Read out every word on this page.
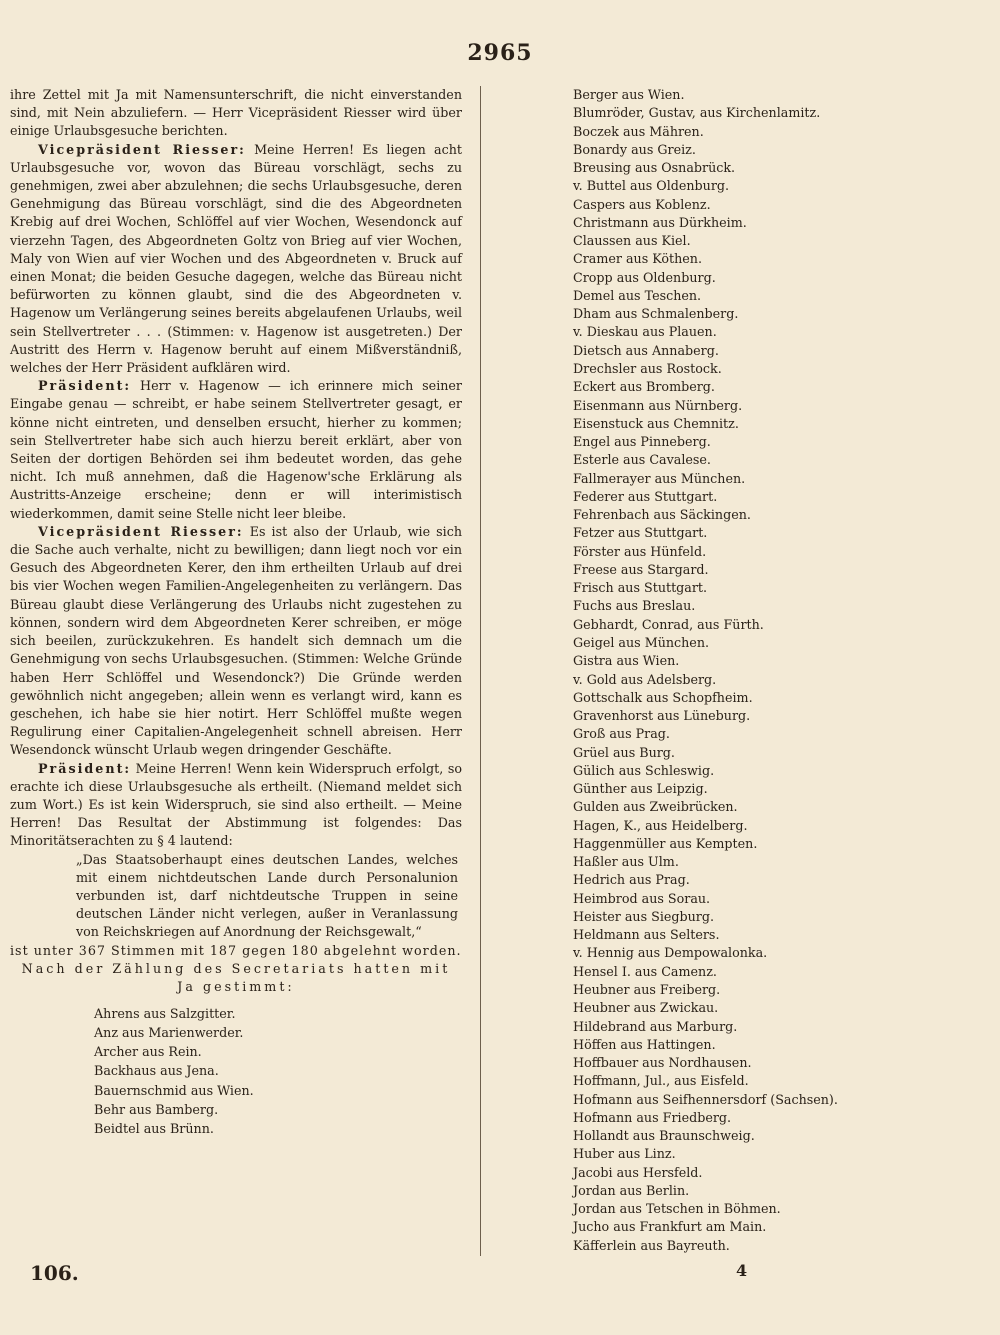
2965

ihre Zettel mit Ja mit Namensunterschrift, die nicht einverstanden sind, mit Nein abzuliefern. — Herr Vicepräsident Riesser wird über einige Urlaubsgesuche berichten.

Vicepräsident Riesser: Meine Herren! Es liegen acht Urlaubsgesuche vor, wovon das Büreau vorschlägt, sechs zu genehmigen, zwei aber abzulehnen; die sechs Urlaubsgesuche, deren Genehmigung das Büreau vorschlägt, sind die des Abgeordneten Krebig auf drei Wochen, Schlöffel auf vier Wochen, Wesendonck auf vierzehn Tagen, des Abgeordneten Goltz von Brieg auf vier Wochen, Maly von Wien auf vier Wochen und des Abgeordneten v. Bruck auf einen Monat; die beiden Gesuche dagegen, welche das Büreau nicht befürworten zu können glaubt, sind die des Abgeordneten v. Hagenow um Verlängerung seines bereits abgelaufenen Urlaubs, weil sein Stellvertreter . . . (Stimmen: v. Hagenow ist ausgetreten.) Der Austritt des Herrn v. Hagenow beruht auf einem Mißverständniß, welches der Herr Präsident aufklären wird.

Präsident: Herr v. Hagenow — ich erinnere mich seiner Eingabe genau — schreibt, er habe seinem Stellvertreter gesagt, er könne nicht eintreten, und denselben ersucht, hierher zu kommen; sein Stellvertreter habe sich auch hierzu bereit erklärt, aber von Seiten der dortigen Behörden sei ihm bedeutet worden, das gehe nicht. Ich muß annehmen, daß die Hagenow'sche Erklärung als Austritts-Anzeige erscheine; denn er will interimistisch wiederkommen, damit seine Stelle nicht leer bleibe.

Vicepräsident Riesser: Es ist also der Urlaub, wie sich die Sache auch verhalte, nicht zu bewilligen; dann liegt noch vor ein Gesuch des Abgeordneten Kerer, den ihm ertheilten Urlaub auf drei bis vier Wochen wegen Familien-Angelegenheiten zu verlängern. Das Büreau glaubt diese Verlängerung des Urlaubs nicht zugestehen zu können, sondern wird dem Abgeordneten Kerer schreiben, er möge sich beeilen, zurückzukehren. Es handelt sich demnach um die Genehmigung von sechs Urlaubsgesuchen. (Stimmen: Welche Gründe haben Herr Schlöffel und Wesendonck?) Die Gründe werden gewöhnlich nicht angegeben; allein wenn es verlangt wird, kann es geschehen, ich habe sie hier notirt. Herr Schlöffel mußte wegen Regulirung einer Capitalien-Angelegenheit schnell abreisen. Herr Wesendonck wünscht Urlaub wegen dringender Geschäfte.

Präsident: Meine Herren! Wenn kein Widerspruch erfolgt, so erachte ich diese Urlaubsgesuche als ertheilt. (Niemand meldet sich zum Wort.) Es ist kein Widerspruch, sie sind also ertheilt. — Meine Herren! Das Resultat der Abstimmung ist folgendes: Das Minoritätserachten zu § 4 lautend:

„Das Staatsoberhaupt eines deutschen Landes, welches mit einem nichtdeutschen Lande durch Personalunion verbunden ist, darf nichtdeutsche Truppen in seine deutschen Länder nicht verlegen, außer in Veranlassung von Reichskriegen auf Anordnung der Reichsgewalt,“

ist unter 367 Stimmen mit 187 gegen 180 abgelehnt worden.

Nach der Zählung des Secretariats hatten mit Ja gestimmt:

Ahrens aus Salzgitter.
Anz aus Marienwerder.
Archer aus Rein.
Backhaus aus Jena.
Bauernschmid aus Wien.
Behr aus Bamberg.
Beidtel aus Brünn.
Berger aus Wien.
Blumröder, Gustav, aus Kirchenlamitz.
Boczek aus Mähren.
Bonardy aus Greiz.
Breusing aus Osnabrück.
v. Buttel aus Oldenburg.
Caspers aus Koblenz.
Christmann aus Dürkheim.
Claussen aus Kiel.
Cramer aus Köthen.
Cropp aus Oldenburg.
Demel aus Teschen.
Dham aus Schmalenberg.
v. Dieskau aus Plauen.
Dietsch aus Annaberg.
Drechsler aus Rostock.
Eckert aus Bromberg.
Eisenmann aus Nürnberg.
Eisenstuck aus Chemnitz.
Engel aus Pinneberg.
Esterle aus Cavalese.
Fallmerayer aus München.
Federer aus Stuttgart.
Fehrenbach aus Säckingen.
Fetzer aus Stuttgart.
Förster aus Hünfeld.
Freese aus Stargard.
Frisch aus Stuttgart.
Fuchs aus Breslau.
Gebhardt, Conrad, aus Fürth.
Geigel aus München.
Gistra aus Wien.
v. Gold aus Adelsberg.
Gottschalk aus Schopfheim.
Gravenhorst aus Lüneburg.
Groß aus Prag.
Grüel aus Burg.
Gülich aus Schleswig.
Günther aus Leipzig.
Gulden aus Zweibrücken.
Hagen, K., aus Heidelberg.
Haggenmüller aus Kempten.
Haßler aus Ulm.
Hedrich aus Prag.
Heimbrod aus Sorau.
Heister aus Siegburg.
Heldmann aus Selters.
v. Hennig aus Dempowalonka.
Hensel I. aus Camenz.
Heubner aus Freiberg.
Heubner aus Zwickau.
Hildebrand aus Marburg.
Höffen aus Hattingen.
Hoffbauer aus Nordhausen.
Hoffmann, Jul., aus Eisfeld.
Hofmann aus Seifhennersdorf (Sachsen).
Hofmann aus Friedberg.
Hollandt aus Braunschweig.
Huber aus Linz.
Jacobi aus Hersfeld.
Jordan aus Berlin.
Jordan aus Tetschen in Böhmen.
Jucho aus Frankfurt am Main.
Käfferlein aus Bayreuth.
106.	4
